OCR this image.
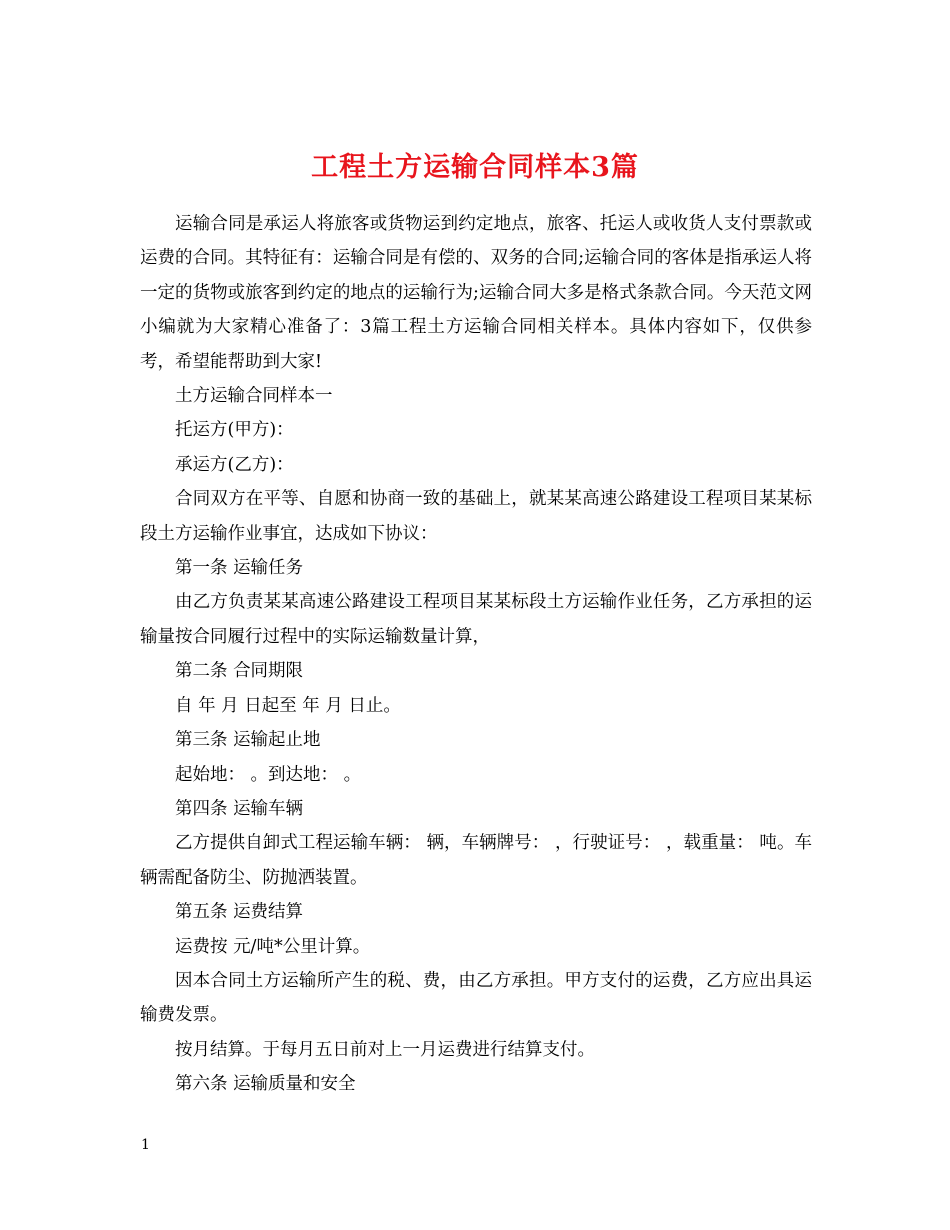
工程土方运输合同样本3篇

运输合同是承运人将旅客或货物运到约定地点，旅客、托运人或收货人支付票款或运费的合同。其特征有：运输合同是有偿的、双务的合同;运输合同的客体是指承运人将一定的货物或旅客到约定的地点的运输行为;运输合同大多是格式条款合同。今天范文网小编就为大家精心准备了：3篇工程土方运输合同相关样本。具体内容如下，仅供参考，希望能帮助到大家!

土方运输合同样本一

托运方(甲方)：

承运方(乙方)：

合同双方在平等、自愿和协商一致的基础上，就某某高速公路建设工程项目某某标段土方运输作业事宜，达成如下协议：

第一条 运输任务

由乙方负责某某高速公路建设工程项目某某标段土方运输作业任务，乙方承担的运输量按合同履行过程中的实际运输数量计算，

第二条 合同期限

自 年 月 日起至 年 月 日止。

第三条 运输起止地

起始地： 。到达地： 。

第四条 运输车辆

乙方提供自卸式工程运输车辆： 辆，车辆牌号： ，行驶证号： ，载重量： 吨。车辆需配备防尘、防抛洒装置。

第五条 运费结算

运费按 元/吨*公里计算。

因本合同土方运输所产生的税、费，由乙方承担。甲方支付的运费，乙方应出具运输费发票。

按月结算。于每月五日前对上一月运费进行结算支付。

第六条 运输质量和安全

1
